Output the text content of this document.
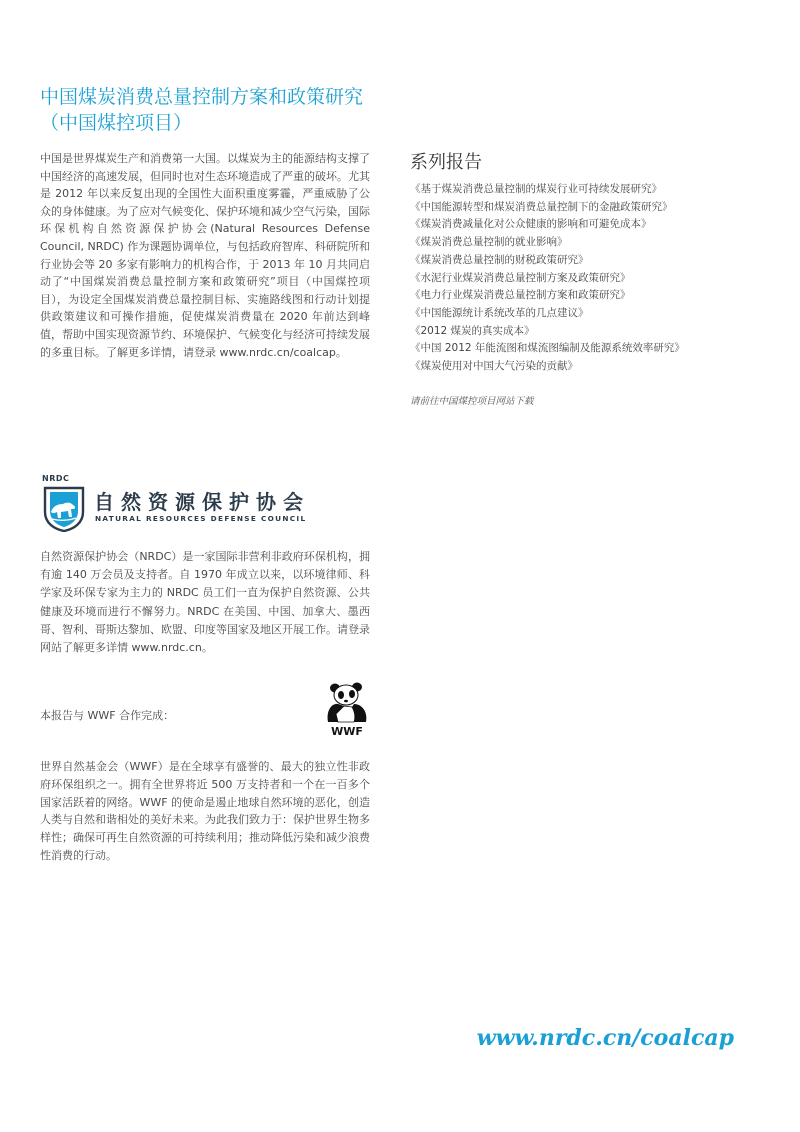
中国煤炭消费总量控制方案和政策研究
（中国煤控项目）

中国是世界煤炭生产和消费第一大国。以煤炭为主的能源结构支撑了中国经济的高速发展，但同时也对生态环境造成了严重的破坏。尤其是 2012 年以来反复出现的全国性大面积重度雾霾，严重威胁了公众的身体健康。为了应对气候变化、保护环境和减少空气污染，国际环保机构自然资源保护协会(Natural Resources Defense Council, NRDC) 作为课题协调单位，与包括政府智库、科研院所和行业协会等 20 多家有影响力的机构合作，于 2013 年 10 月共同启动了“中国煤炭消费总量控制方案和政策研究”项目（中国煤控项目），为设定全国煤炭消费总量控制目标、实施路线图和行动计划提供政策建议和可操作措施，促使煤炭消费量在 2020 年前达到峰值，帮助中国实现资源节约、环境保护、气候变化与经济可持续发展的多重目标。了解更多详情，请登录 www.nrdc.cn/coalcap。

系列报告
《基于煤炭消费总量控制的煤炭行业可持续发展研究》
《中国能源转型和煤炭消费总量控制下的金融政策研究》
《煤炭消费减量化对公众健康的影响和可避免成本》
《煤炭消费总量控制的就业影响》
《煤炭消费总量控制的财税政策研究》
《水泥行业煤炭消费总量控制方案及政策研究》
《电力行业煤炭消费总量控制方案和政策研究》
《中国能源统计系统改革的几点建议》
《2012 煤炭的真实成本》
《中国 2012 年能流图和煤流图编制及能源系统效率研究》
《煤炭使用对中国大气污染的贡献》

请前往中国煤控项目网站下载

NRDC
自然资源保护协会
NATURAL RESOURCES DEFENSE COUNCIL

自然资源保护协会（NRDC）是一家国际非营利非政府环保机构，拥有逾 140 万会员及支持者。自 1970 年成立以来，以环境律师、科学家及环保专家为主力的 NRDC 员工们一直为保护自然资源、公共健康及环境而进行不懈努力。NRDC 在美国、中国、加拿大、墨西哥、智利、哥斯达黎加、欧盟、印度等国家及地区开展工作。请登录网站了解更多详情 www.nrdc.cn。

本报告与 WWF 合作完成：

WWF

世界自然基金会（WWF）是在全球享有盛誉的、最大的独立性非政府环保组织之一。拥有全世界将近 500 万支持者和一个在一百多个国家活跃着的网络。WWF 的使命是遏止地球自然环境的恶化，创造人类与自然和谐相处的美好未来。为此我们致力于：保护世界生物多样性；确保可再生自然资源的可持续利用；推动降低污染和减少浪费性消费的行动。

www.nrdc.cn/coalcap
